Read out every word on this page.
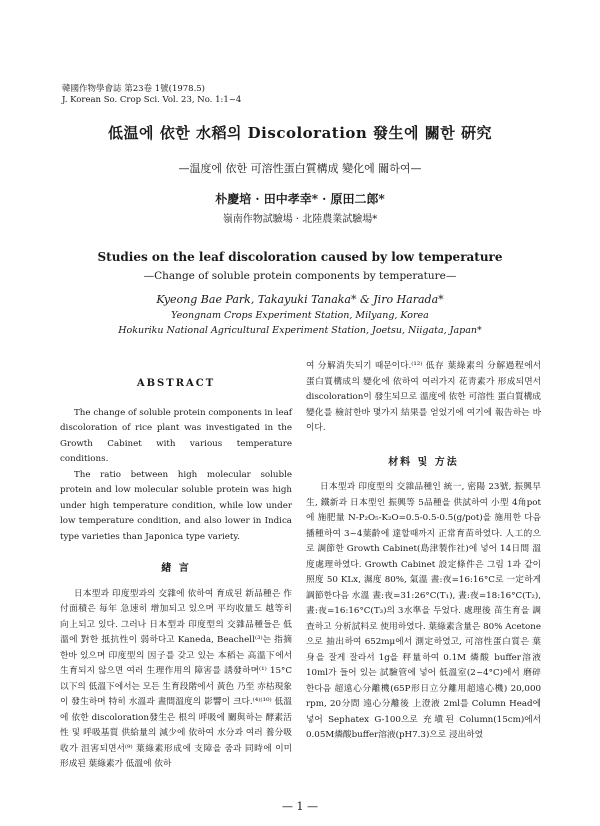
韓國作物學會誌 第23卷 1號(1978.5)
J. Korean So. Crop Sci. Vol. 23, No. 1:1~4
低温에 依한 水稻의 Discoloration 發生에 關한 硏究
—温度에 依한 可溶性蛋白質構成 變化에 關하여—
朴慶培 · 田中孝幸* · 原田二郎*
嶺南作物試驗場 · 北陸農業試驗場*
Studies on the leaf discoloration caused by low temperature
—Change of soluble protein components by temperature—
Kyeong Bae Park, Takayuki Tanaka* & Jiro Harada*
Yeongnam Crops Experiment Station, Milyang, Korea
Hokuriku National Agricultural Experiment Station, Joetsu, Niigata, Japan*
ABSTRACT

The change of soluble protein components in leaf discoloration of rice plant was investigated in the Growth Cabinet with various temperature conditions.

The ratio between high molecular soluble protein and low molecular soluble protein was high under high temperature condition, while low under low temperature condition, and also lower in Indica type varieties than Japonica type variety.

緖 言

日本型과 印度型과의 交雜에 依하여 育成된 新品種은 作付面積은 每年 急速히 增加되고 있으며 平均收量도 越等히 向上되고 있다. 그러나 日本型과 印度型의 交雜品種들은 低溫에 對한 抵抗性이 弱하다고 Kaneda, Beachell⁽³⁾는 指摘한바 있으며 印度型의 因子를 갖고 있는 本稻는 高溫下에서 生育되지 않으면 여러 生理作用의 障害를 誘發하며⁽¹⁾ 15°C 以下의 低溫下에서는 모든 生育段階에서 黃色 乃至 赤枯現象이 發生하며 特히 水溫과 晝間溫度의 影響이 크다.⁽⁴⁾⁽¹⁰⁾ 低溫에 依한 discoloration發生은 根의 呼吸에 關與하는 酵素活性 및 呼吸基質 供給量의 減少에 依하여 水分과 여러 養分吸收가 沮害되면서⁽⁹⁾ 葉綠素形成에 支障을 줌과 同時에 이미 形成된 葉綠素가 低溫에 依하

여 分解消失되기 때문이다.⁽¹²⁾ 低存 葉綠素의 分解過程에서 蛋白質構成의 變化에 依하여 여러가지 花靑素가 形成되면서 discoloration이 發生되므로 溫度에 依한 可溶性 蛋白質構成變化를 檢討한바 몇가지 結果를 얻었기에 여기에 報告하는 바이다.

材料 및 方法

日本型과 印度型의 交雜品種인 統一, 密陽 23號, 振興早生, 鐵新과 日本型인 振興等 5品種을 供試하여 小型 4角pot에 施肥量 N-P₂O₅-K₂O=0.5-0.5-0.5(g/pot)을 施用한 다음 播種하여 3~4葉齡에 達할때까지 正常育苗하였다. 人工的으로 調節한 Growth Cabinet(島津製作社)에 넣어 14日間 溫度處理하였다. Growth Cabinet 設定條件은 그림 1과 같이 照度 50 KLx, 濕度 80%, 氣溫 晝:夜=16:16°C로 一定하게 調節한다음 水溫 晝:夜=31:26°C(T₁), 晝:夜=18:16°C(T₂), 晝:夜=16:16°C(T₃)의 3水準을 두었다. 處理後 苗生育을 調査하고 分析試料로 使用하였다. 葉綠素含量은 80% Acetone으로 抽出하여 652mμ에서 測定하였고, 可溶性蛋白質은 葉身을 잘게 잘라서 1g을 秤量하여 0.1M 燐酸 buffer溶液 10ml가 들어 있는 試驗管에 넣어 低溫室(2~4°C)에서 磨碎한다음 超遠心分離機(65P形日立分離用超遠心機) 20,000 rpm, 20分間 遠心分離後 上澄液 2ml를 Column Head에 넣어 Sephatex G-100으로 充塡된 Column(15cm)에서 0.05M燐酸buffer溶液(pH7.3)으로 浸出하였

— 1 —
